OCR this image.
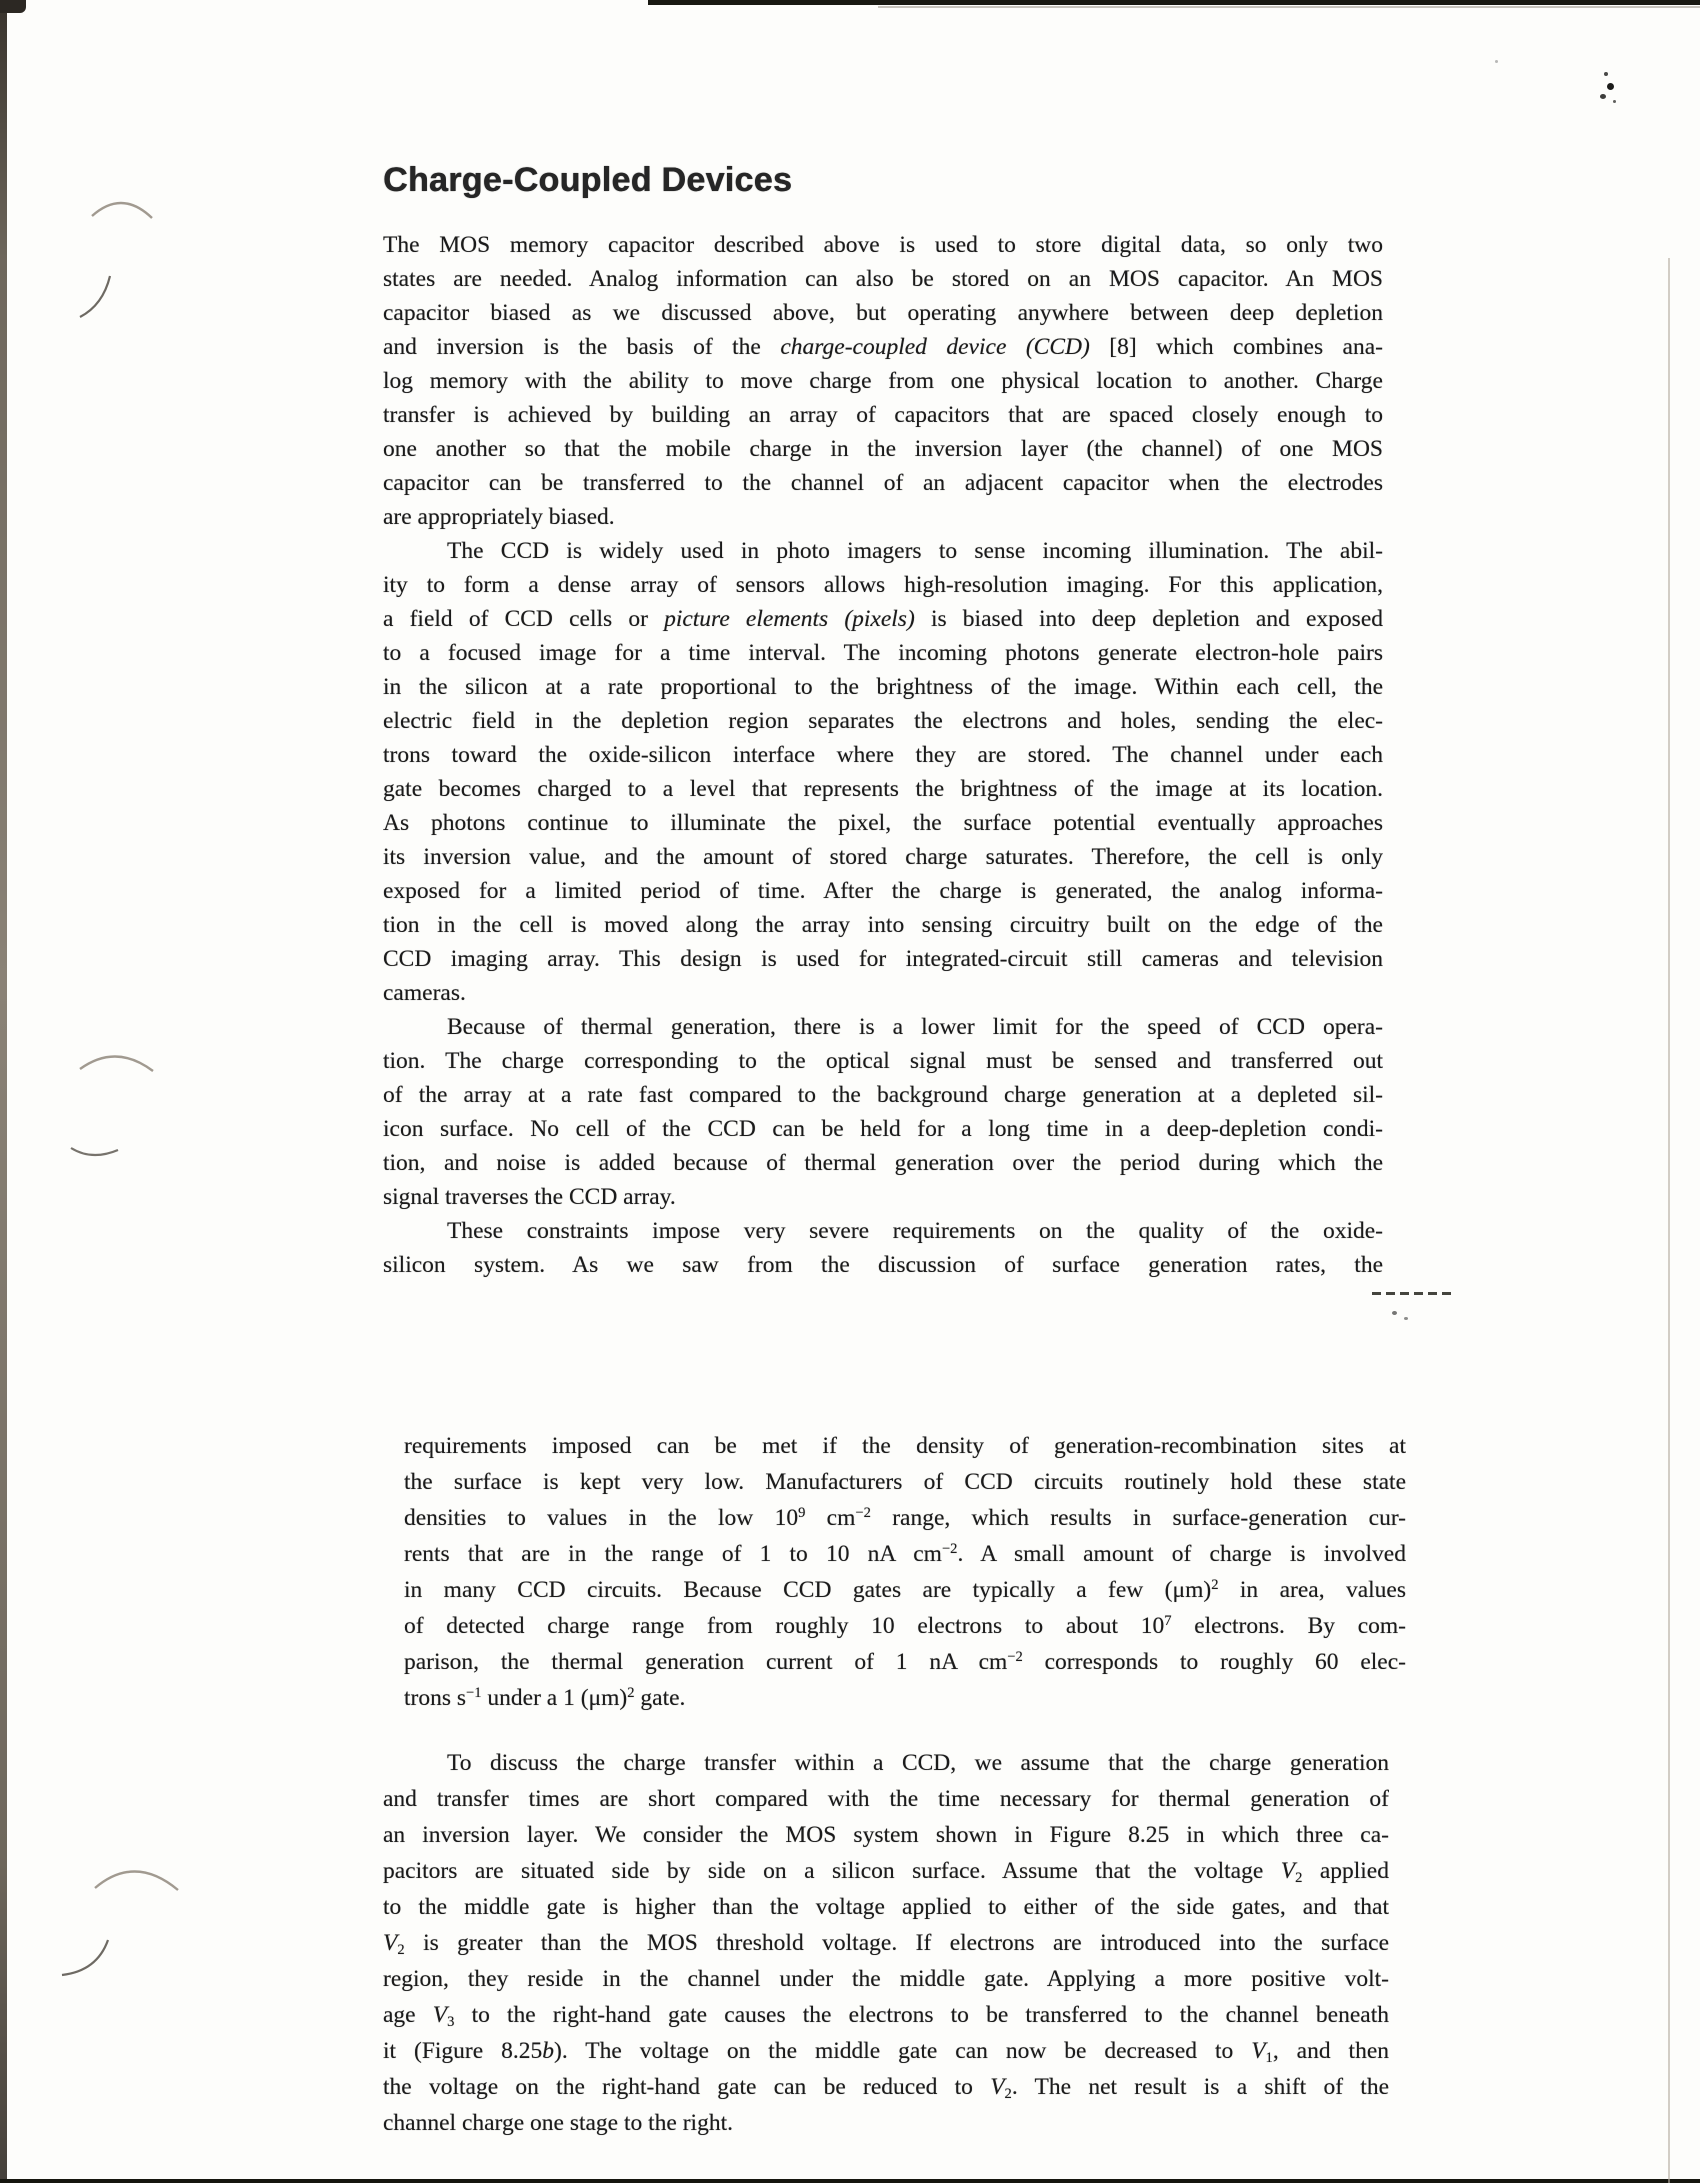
Charge-Coupled Devices
The MOS memory capacitor described above is used to store digital data, so only two
states are needed. Analog information can also be stored on an MOS capacitor. An MOS
capacitor biased as we discussed above, but operating anywhere between deep depletion
and inversion is the basis of the charge-coupled device (CCD) [8] which combines ana-
log memory with the ability to move charge from one physical location to another. Charge
transfer is achieved by building an array of capacitors that are spaced closely enough to
one another so that the mobile charge in the inversion layer (the channel) of one MOS
capacitor can be transferred to the channel of an adjacent capacitor when the electrodes
are appropriately biased.
The CCD is widely used in photo imagers to sense incoming illumination. The abil-
ity to form a dense array of sensors allows high-resolution imaging. For this application,
a field of CCD cells or picture elements (pixels) is biased into deep depletion and exposed
to a focused image for a time interval. The incoming photons generate electron-hole pairs
in the silicon at a rate proportional to the brightness of the image. Within each cell, the
electric field in the depletion region separates the electrons and holes, sending the elec-
trons toward the oxide-silicon interface where they are stored. The channel under each
gate becomes charged to a level that represents the brightness of the image at its location.
As photons continue to illuminate the pixel, the surface potential eventually approaches
its inversion value, and the amount of stored charge saturates. Therefore, the cell is only
exposed for a limited period of time. After the charge is generated, the analog informa-
tion in the cell is moved along the array into sensing circuitry built on the edge of the
CCD imaging array. This design is used for integrated-circuit still cameras and television
cameras.
Because of thermal generation, there is a lower limit for the speed of CCD opera-
tion. The charge corresponding to the optical signal must be sensed and transferred out
of the array at a rate fast compared to the background charge generation at a depleted sil-
icon surface. No cell of the CCD can be held for a long time in a deep-depletion condi-
tion, and noise is added because of thermal generation over the period during which the
signal traverses the CCD array.
These constraints impose very severe requirements on the quality of the oxide-
silicon system. As we saw from the discussion of surface generation rates, the
requirements imposed can be met if the density of generation-recombination sites at
the surface is kept very low. Manufacturers of CCD circuits routinely hold these state
densities to values in the low $10^9$ $cm^{-2}$ range, which results in surface-generation cur-
rents that are in the range of 1 to 10 nA $cm^{-2}$. A small amount of charge is involved
in many CCD circuits. Because CCD gates are typically a few $(\mu m)^2$ in area, values
of detected charge range from roughly 10 electrons to about $10^7$ electrons. By com-
parison, the thermal generation current of 1 nA $cm^{-2}$ corresponds to roughly 60 elec-
trons $s^{-1}$ under a 1 $(\mu m)^2$ gate.
To discuss the charge transfer within a CCD, we assume that the charge generation
and transfer times are short compared with the time necessary for thermal generation of
an inversion layer. We consider the MOS system shown in Figure 8.25 in which three ca-
pacitors are situated side by side on a silicon surface. Assume that the voltage V2 applied
to the middle gate is higher than the voltage applied to either of the side gates, and that
V2 is greater than the MOS threshold voltage. If electrons are introduced into the surface
region, they reside in the channel under the middle gate. Applying a more positive volt-
age V3 to the right-hand gate causes the electrons to be transferred to the channel beneath
it (Figure 8.25b). The voltage on the middle gate can now be decreased to V1, and then
the voltage on the right-hand gate can be reduced to V2. The net result is a shift of the
channel charge one stage to the right.
